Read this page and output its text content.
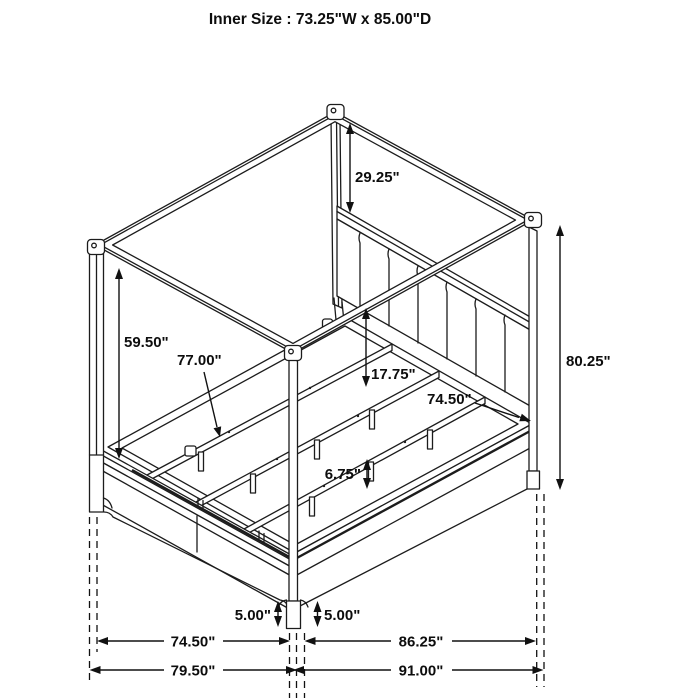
Inner Size : 73.25"W x 85.00"D
29.25"
59.50"
77.00"
17.75"
74.50"
80.25"
6.75"
5.00"	5.00"
74.50"	86.25"
79.50"	91.00"
